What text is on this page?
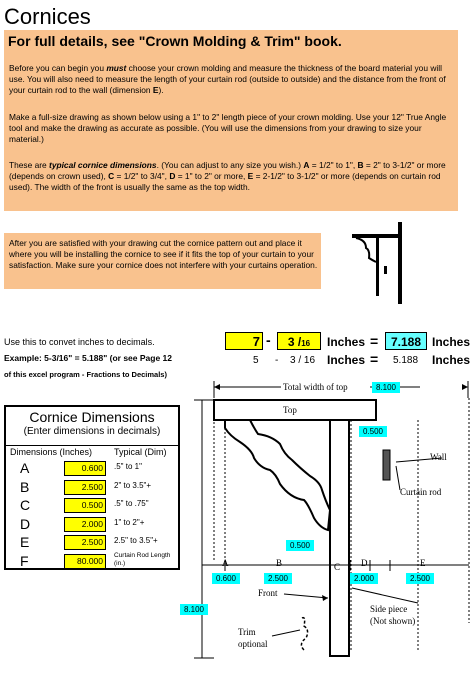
Cornices
For full details, see "Crown Molding & Trim" book.

Before you can begin you must choose your crown molding and measure the thickness of the board material you will use. You will also need to measure the length of your curtain rod (outside to outside) and the distance from the front of your curtain rod to the wall (dimension E).

Make a full-size drawing as shown below using a 1" to 2" length piece of your crown molding. Use your 12" True Angle tool and make the drawing as accurate as possible. (You will use the dimensions from your drawing to size your material.)

These are typical cornice dimensions. (You can adjust to any size you wish.) A = 1/2" to 1", B = 2" to 3-1/2" or more (depends on crown used), C = 1/2" to 3/4", D = 1" to 2" or more, E = 2-1/2" to 3-1/2" or more (depends on curtain rod used). The width of the front is usually the same as the top width.

After you are satisfied with your drawing cut the cornice pattern out and place it where you will be installing the cornice to see if it fits the top of your curtain to your satisfaction. Make sure your cornice does not interfere with your curtains operation.

Use this to convet inches to decimals.
Example: 5-3/16" = 5.188" (or see Page 12
of this excel program - Fractions to Decimals)
7 -	3 /16	Inches =	7.188 Inches
5 - 3 / 16 Inches = 5.188 Inches
Cornice Dimensions
(Enter dimensions in decimals)
Dimensions (Inches) Typical (Dim)
A	0.600	.5" to 1"
B	2.500	2" to 3.5"+
C	0.500	.5" to .75"
D	2.000	1" to 2"+
E	2.500	2.5" to 3.5"+
F	80.000
Curtain Rod Length (in.)
Total width of top	8.100
Top
0.500
Wall
Curtain rod
0.500
A	B	C D	E
0.600	2.500	2.000	2.500
8.100
Front
Side piece
(Not shown)
Trim
optional
